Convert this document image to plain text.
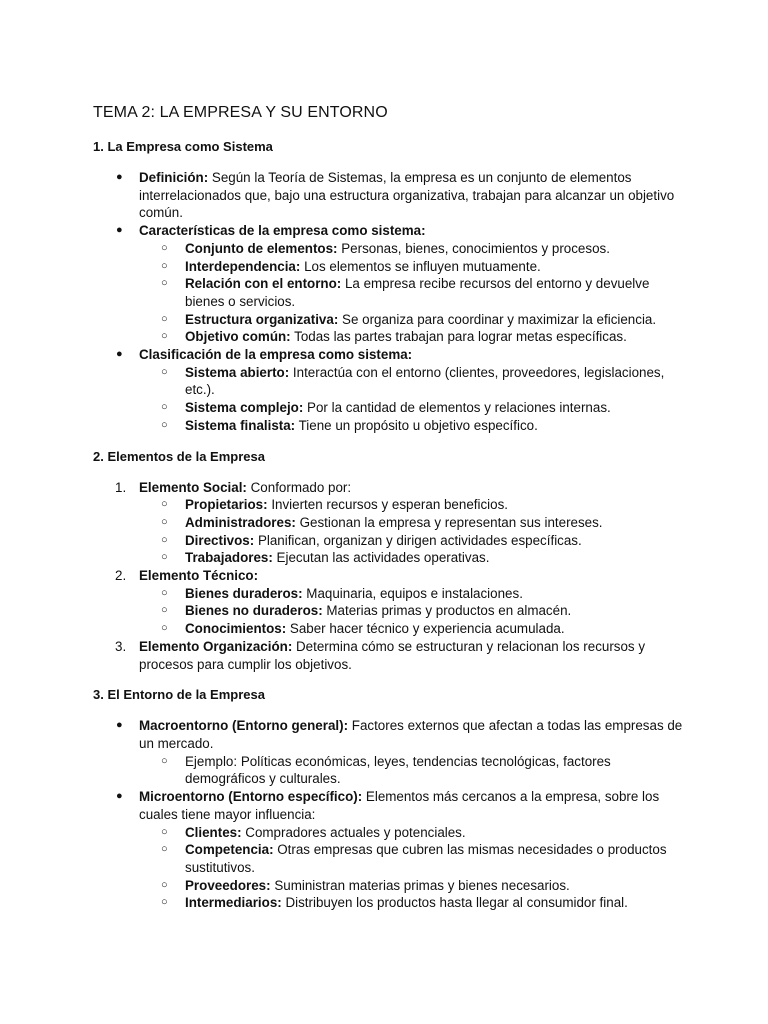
TEMA 2: LA EMPRESA Y SU ENTORNO
1. La Empresa como Sistema
●	Definición: Según la Teoría de Sistemas, la empresa es un conjunto de elementos interrelacionados que, bajo una estructura organizativa, trabajan para alcanzar un objetivo común.
●	Características de la empresa como sistema:
○ Conjunto de elementos: Personas, bienes, conocimientos y procesos.
○ Interdependencia: Los elementos se influyen mutuamente.
○ Relación con el entorno: La empresa recibe recursos del entorno y devuelve bienes o servicios.
○ Estructura organizativa: Se organiza para coordinar y maximizar la eficiencia.
○ Objetivo común: Todas las partes trabajan para lograr metas específicas.
●	Clasificación de la empresa como sistema:
○ Sistema abierto: Interactúa con el entorno (clientes, proveedores, legislaciones, etc.).
○ Sistema complejo: Por la cantidad de elementos y relaciones internas.
○ Sistema finalista: Tiene un propósito u objetivo específico.
2. Elementos de la Empresa
1. Elemento Social: Conformado por:
○ Propietarios: Invierten recursos y esperan beneficios.
○ Administradores: Gestionan la empresa y representan sus intereses.
○ Directivos: Planifican, organizan y dirigen actividades específicas.
○ Trabajadores: Ejecutan las actividades operativas.
2. Elemento Técnico:
○ Bienes duraderos: Maquinaria, equipos e instalaciones.
○ Bienes no duraderos: Materias primas y productos en almacén.
○ Conocimientos: Saber hacer técnico y experiencia acumulada.
3. Elemento Organización: Determina cómo se estructuran y relacionan los recursos y procesos para cumplir los objetivos.
3. El Entorno de la Empresa
●	Macroentorno (Entorno general): Factores externos que afectan a todas las empresas de un mercado.
○ Ejemplo: Políticas económicas, leyes, tendencias tecnológicas, factores demográficos y culturales.
●	Microentorno (Entorno específico): Elementos más cercanos a la empresa, sobre los cuales tiene mayor influencia:
○ Clientes: Compradores actuales y potenciales.
○ Competencia: Otras empresas que cubren las mismas necesidades o productos sustitutivos.
○ Proveedores: Suministran materias primas y bienes necesarios.
○ Intermediarios: Distribuyen los productos hasta llegar al consumidor final.
